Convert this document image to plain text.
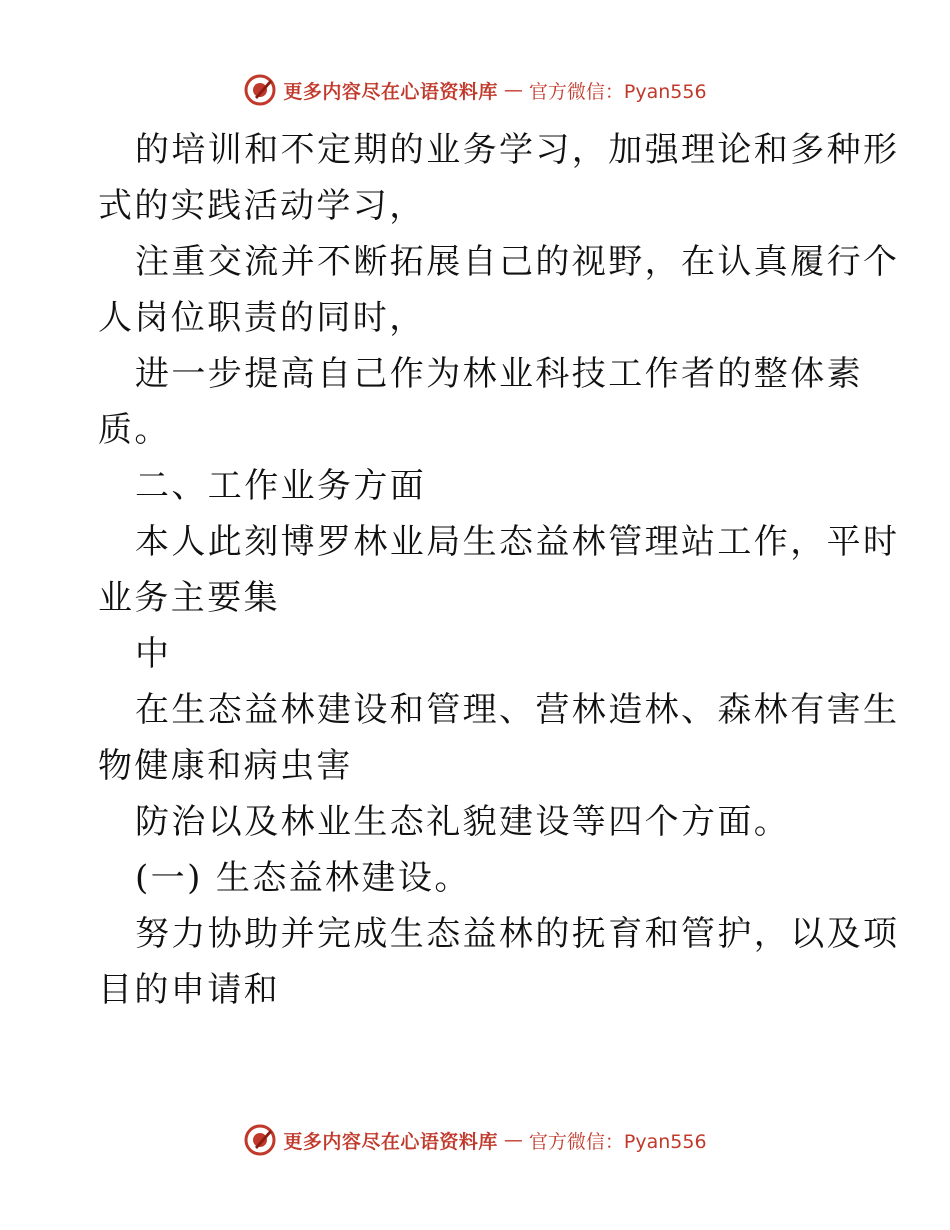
更多内容尽在心语资料库 — 官方微信：Pyan556
的培训和不定期的业务学习，加强理论和多种形
式的实践活动学习，
注重交流并不断拓展自己的视野，在认真履行个
人岗位职责的同时，
进一步提高自己作为林业科技工作者的整体素
质。
二、工作业务方面
本人此刻博罗林业局生态益林管理站工作，平时
业务主要集
中
在生态益林建设和管理、营林造林、森林有害生
物健康和病虫害
防治以及林业生态礼貌建设等四个方面。
(一) 生态益林建设。
努力协助并完成生态益林的抚育和管护，以及项
目的申请和
更多内容尽在心语资料库 — 官方微信：Pyan556
